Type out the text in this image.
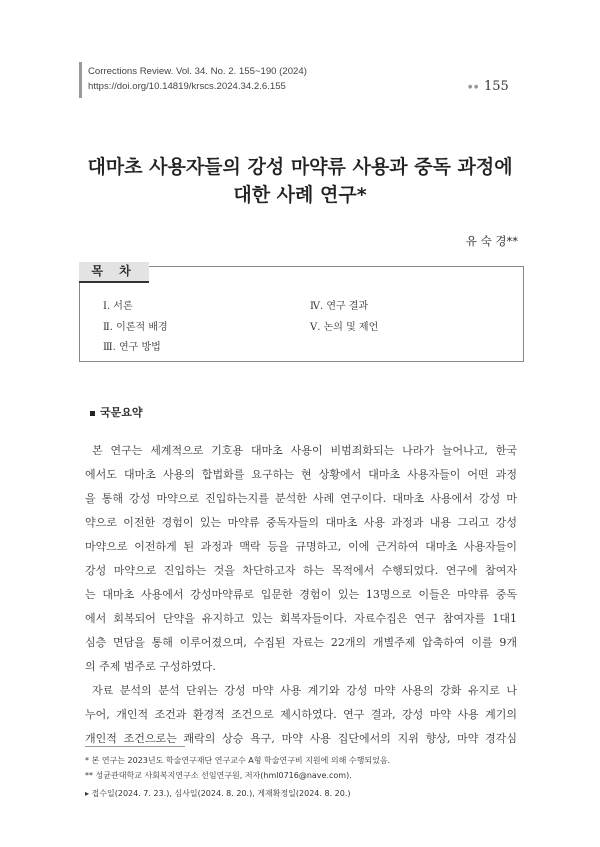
Corrections Review. Vol. 34. No. 2. 155~190 (2024)
https://doi.org/10.14819/krscs.2024.34.2.6.155	● ● 155
대마초 사용자들의 강성 마약류 사용과 중독 과정에
대한 사례 연구*
유 숙 경**
목 차
Ⅰ. 서론
Ⅱ. 이론적 배경
Ⅲ. 연구 방법
Ⅳ. 연구 결과
Ⅴ. 논의 및 제언
국문요약
본 연구는 세계적으로 기호용 대마초 사용이 비범죄화되는 나라가 늘어나고, 한국
에서도 대마초 사용의 합법화를 요구하는 현 상황에서 대마초 사용자들이 어떤 과정
을 통해 강성 마약으로 진입하는지를 분석한 사례 연구이다. 대마초 사용에서 강성 마
약으로 이전한 경험이 있는 마약류 중독자들의 대마초 사용 과정과 내용 그리고 강성
마약으로 이전하게 된 과정과 맥락 등을 규명하고, 이에 근거하여 대마초 사용자들이
강성 마약으로 진입하는 것을 차단하고자 하는 목적에서 수행되었다. 연구에 참여자
는 대마초 사용에서 강성마약류로 입문한 경험이 있는 13명으로 이들은 마약류 중독
에서 회복되어 단약을 유지하고 있는 회복자들이다. 자료수집은 연구 참여자를 1대1
심층 면담을 통해 이루어졌으며, 수집된 자료는 22개의 개별주제 압축하여 이를 9개
의 주제 범주로 구성하였다.
자료 분석의 분석 단위는 강성 마약 사용 계기와 강성 마약 사용의 강화 유지로 나
누어, 개인적 조건과 환경적 조건으로 제시하였다. 연구 결과, 강성 마약 사용 계기의
개인적 조건으로는 쾌락의 상승 욕구, 마약 사용 집단에서의 지위 향상, 마약 경각심
* 본 연구는 2023년도 학술연구재단 연구교수 A형 학술연구비 지원에 의해 수행되었음.
** 성균관대학교 사회복지연구소 선임연구원, 저자(hml0716@nave.com).
▸ 접수일(2024. 7. 23.), 심사일(2024. 8. 20.), 게재확정일(2024. 8. 20.)
